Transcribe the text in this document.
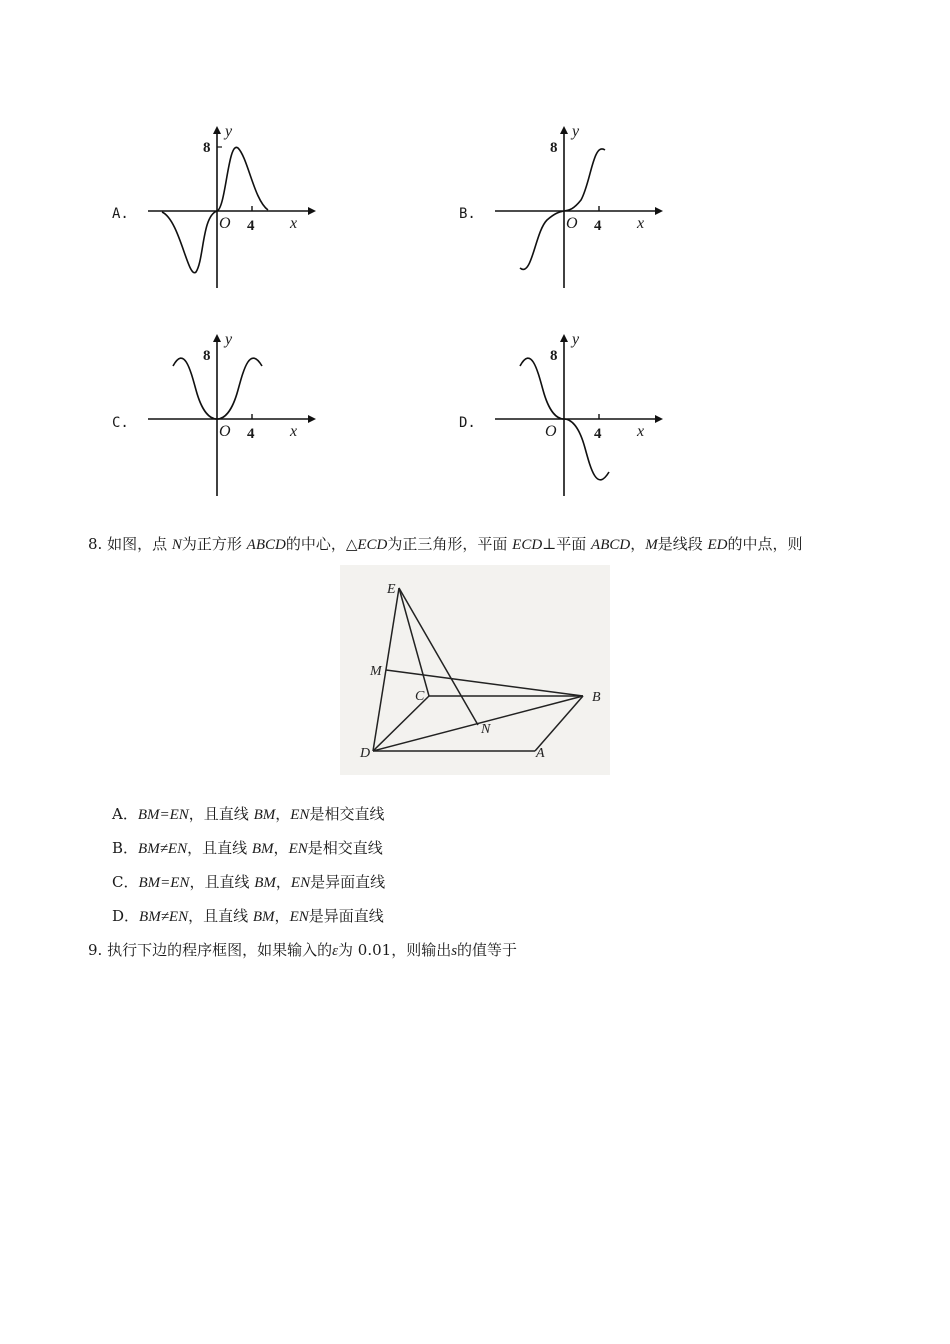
A.	B.
C.	D.
y
8
O 4 x
y
8
O 4 x
y
8
O 4 x
y
8
O 4 x
8. 如图，点 N为正方形 ABCD的中心，△ECD为正三角形，平面 ECD⊥平面 ABCD，M是线段 ED的中点，则
E
M
C	B
N
D	A
A．BM=EN，且直线 BM，EN是相交直线
B．BM≠EN，且直线 BM，EN是相交直线
C．BM=EN，且直线 BM，EN是异面直线
D．BM≠EN，且直线 BM，EN是异面直线
9. 执行下边的程序框图，如果输入的ε为 0.01，则输出s的值等于
